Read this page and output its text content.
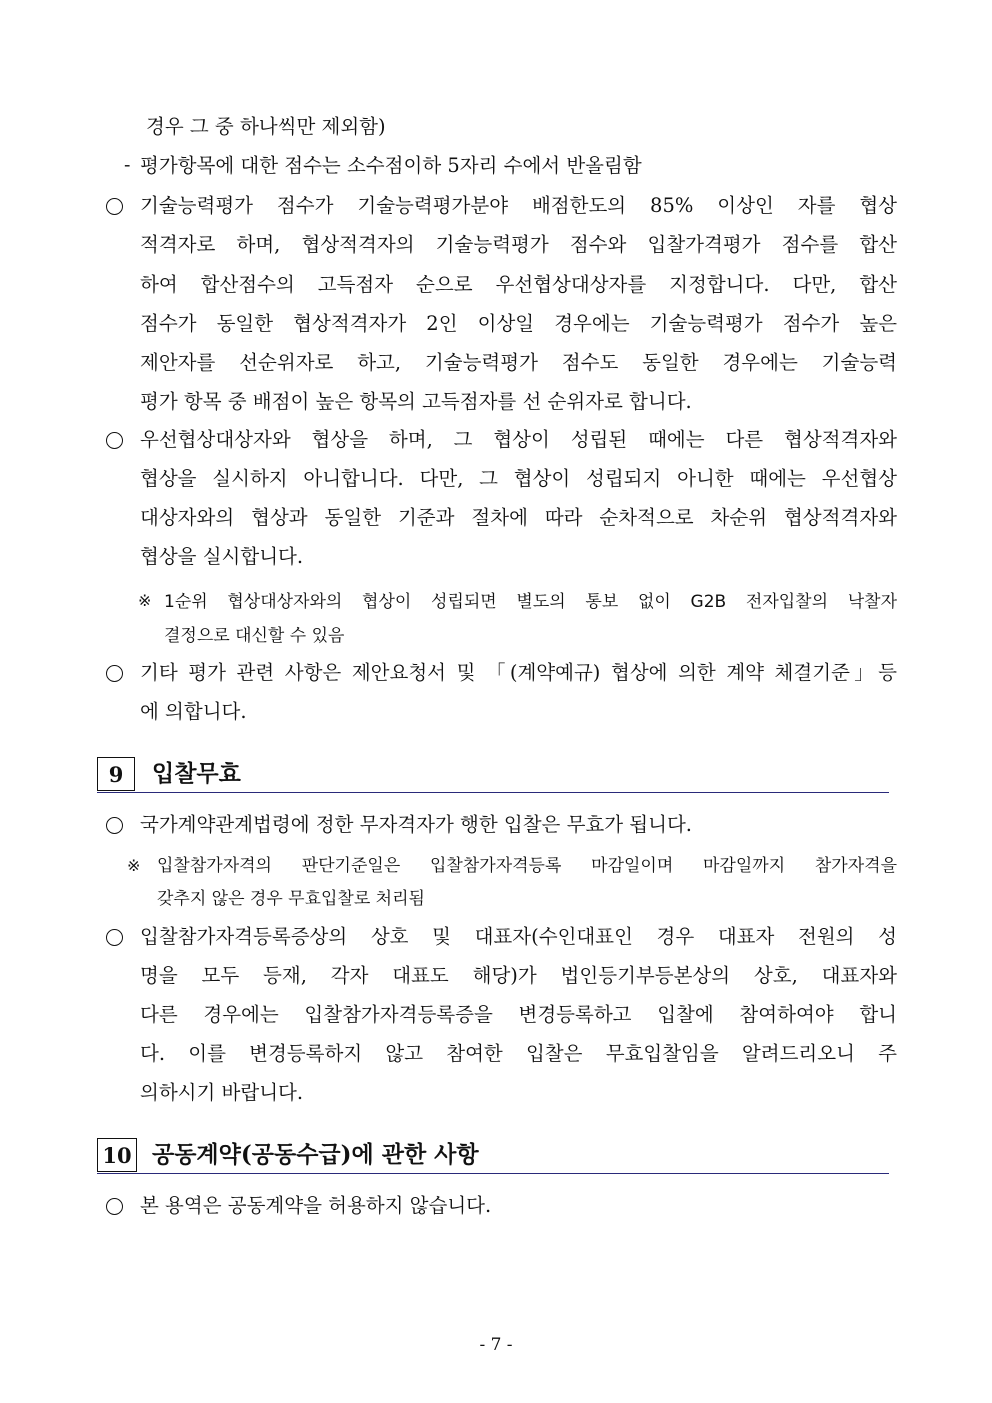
경우 그 중 하나씩만 제외함)
- 평가항목에 대한 점수는 소수점이하 5자리 수에서 반올림함
기술능력평가 점수가 기술능력평가분야 배점한도의 85% 이상인 자를 협상
적격자로 하며, 협상적격자의 기술능력평가 점수와 입찰가격평가 점수를 합산
하여 합산점수의 고득점자 순으로 우선협상대상자를 지정합니다. 다만, 합산
점수가 동일한 협상적격자가 2인 이상일 경우에는 기술능력평가 점수가 높은
제안자를 선순위자로 하고, 기술능력평가 점수도 동일한 경우에는 기술능력
평가 항목 중 배점이 높은 항목의 고득점자를 선 순위자로 합니다.
우선협상대상자와 협상을 하며, 그 협상이 성립된 때에는 다른 협상적격자와
협상을 실시하지 아니합니다. 다만, 그 협상이 성립되지 아니한 때에는 우선협상
대상자와의 협상과 동일한 기준과 절차에 따라 순차적으로 차순위 협상적격자와
협상을 실시합니다.
※ 1순위 협상대상자와의 협상이 성립되면 별도의 통보 없이 G2B 전자입찰의 낙찰자
결정으로 대신할 수 있음
기타 평가 관련 사항은 제안요청서 및 「(계약예규) 협상에 의한 계약 체결기준」등
에 의합니다.
9	입찰무효
국가계약관계법령에 정한 무자격자가 행한 입찰은 무효가 됩니다.
※ 입찰참가자격의 판단기준일은 입찰참가자격등록 마감일이며 마감일까지 참가자격을
갖추지 않은 경우 무효입찰로 처리됨
입찰참가자격등록증상의 상호 및 대표자(수인대표인 경우 대표자 전원의 성
명을 모두 등재, 각자 대표도 해당)가 법인등기부등본상의 상호, 대표자와
다른 경우에는 입찰참가자격등록증을 변경등록하고 입찰에 참여하여야 합니
다. 이를 변경등록하지 않고 참여한 입찰은 무효입찰임을 알려드리오니 주
의하시기 바랍니다.
10 공동계약(공동수급)에 관한 사항
본 용역은 공동계약을 허용하지 않습니다.
- 7 -
